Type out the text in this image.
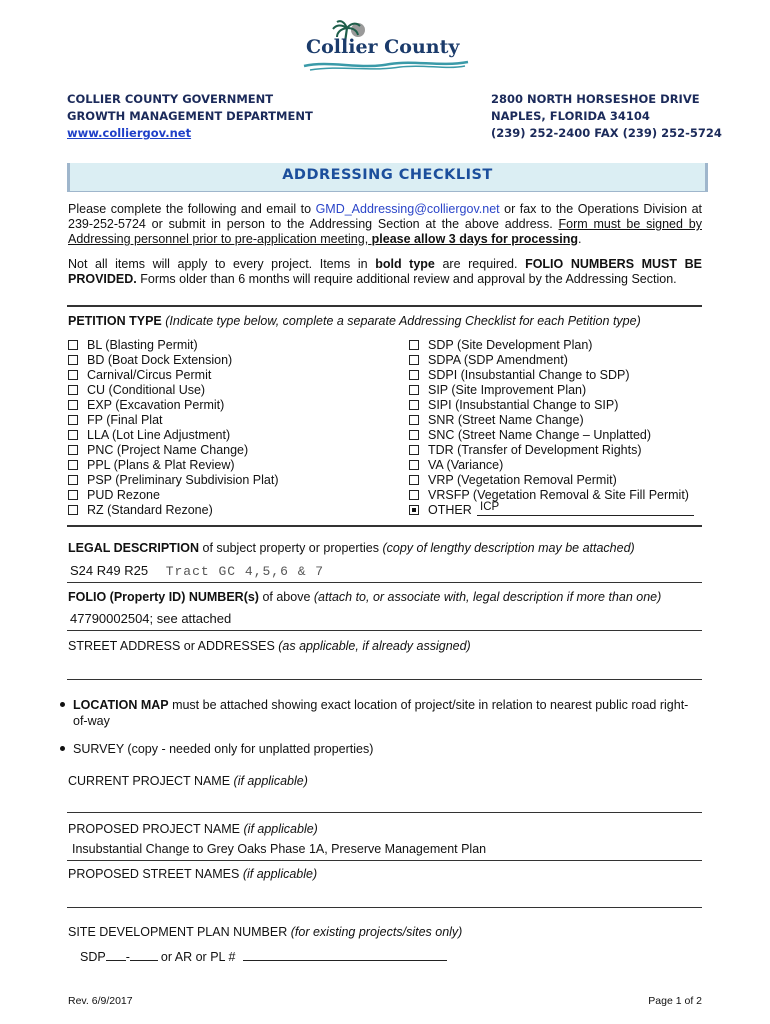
Collier County
COLLIER COUNTY GOVERNMENT
GROWTH MANAGEMENT DEPARTMENT
www.colliergov.net
2800 NORTH HORSESHOE DRIVE
NAPLES, FLORIDA 34104
(239) 252-2400 FAX (239) 252-5724
ADDRESSING CHECKLIST
Please complete the following and email to GMD_Addressing@colliergov.net or fax to the Operations Division at 239-252-5724 or submit in person to the Addressing Section at the above address. Form must be signed by Addressing personnel prior to pre-application meeting, please allow 3 days for processing.
Not all items will apply to every project. Items in bold type are required. FOLIO NUMBERS MUST BE PROVIDED. Forms older than 6 months will require additional review and approval by the Addressing Section.
PETITION TYPE (Indicate type below, complete a separate Addressing Checklist for each Petition type)
BL (Blasting Permit)
BD (Boat Dock Extension)
Carnival/Circus Permit
CU (Conditional Use)
EXP (Excavation Permit)
FP (Final Plat
LLA (Lot Line Adjustment)
PNC (Project Name Change)
PPL (Plans & Plat Review)
PSP (Preliminary Subdivision Plat)
PUD Rezone
RZ (Standard Rezone)
SDP (Site Development Plan)
SDPA (SDP Amendment)
SDPI (Insubstantial Change to SDP)
SIP (Site Improvement Plan)
SIPI (Insubstantial Change to SIP)
SNR (Street Name Change)
SNC (Street Name Change – Unplatted)
TDR (Transfer of Development Rights)
VA (Variance)
VRP (Vegetation Removal Permit)
VRSFP (Vegetation Removal & Site Fill Permit)
OTHER ICP
LEGAL DESCRIPTION of subject property or properties (copy of lengthy description may be attached)
S24 R49 R25 Tract GC 4,5,6 & 7
FOLIO (Property ID) NUMBER(s) of above (attach to, or associate with, legal description if more than one)
47790002504; see attached
STREET ADDRESS or ADDRESSES (as applicable, if already assigned)
LOCATION MAP must be attached showing exact location of project/site in relation to nearest public road right-
of-way
SURVEY (copy - needed only for unplatted properties)
CURRENT PROJECT NAME (if applicable)
PROPOSED PROJECT NAME (if applicable)
Insubstantial Change to Grey Oaks Phase 1A, Preserve Management Plan
PROPOSED STREET NAMES (if applicable)
SITE DEVELOPMENT PLAN NUMBER (for existing projects/sites only)
SDP - or AR or PL #
Rev. 6/9/2017	Page 1 of 2
